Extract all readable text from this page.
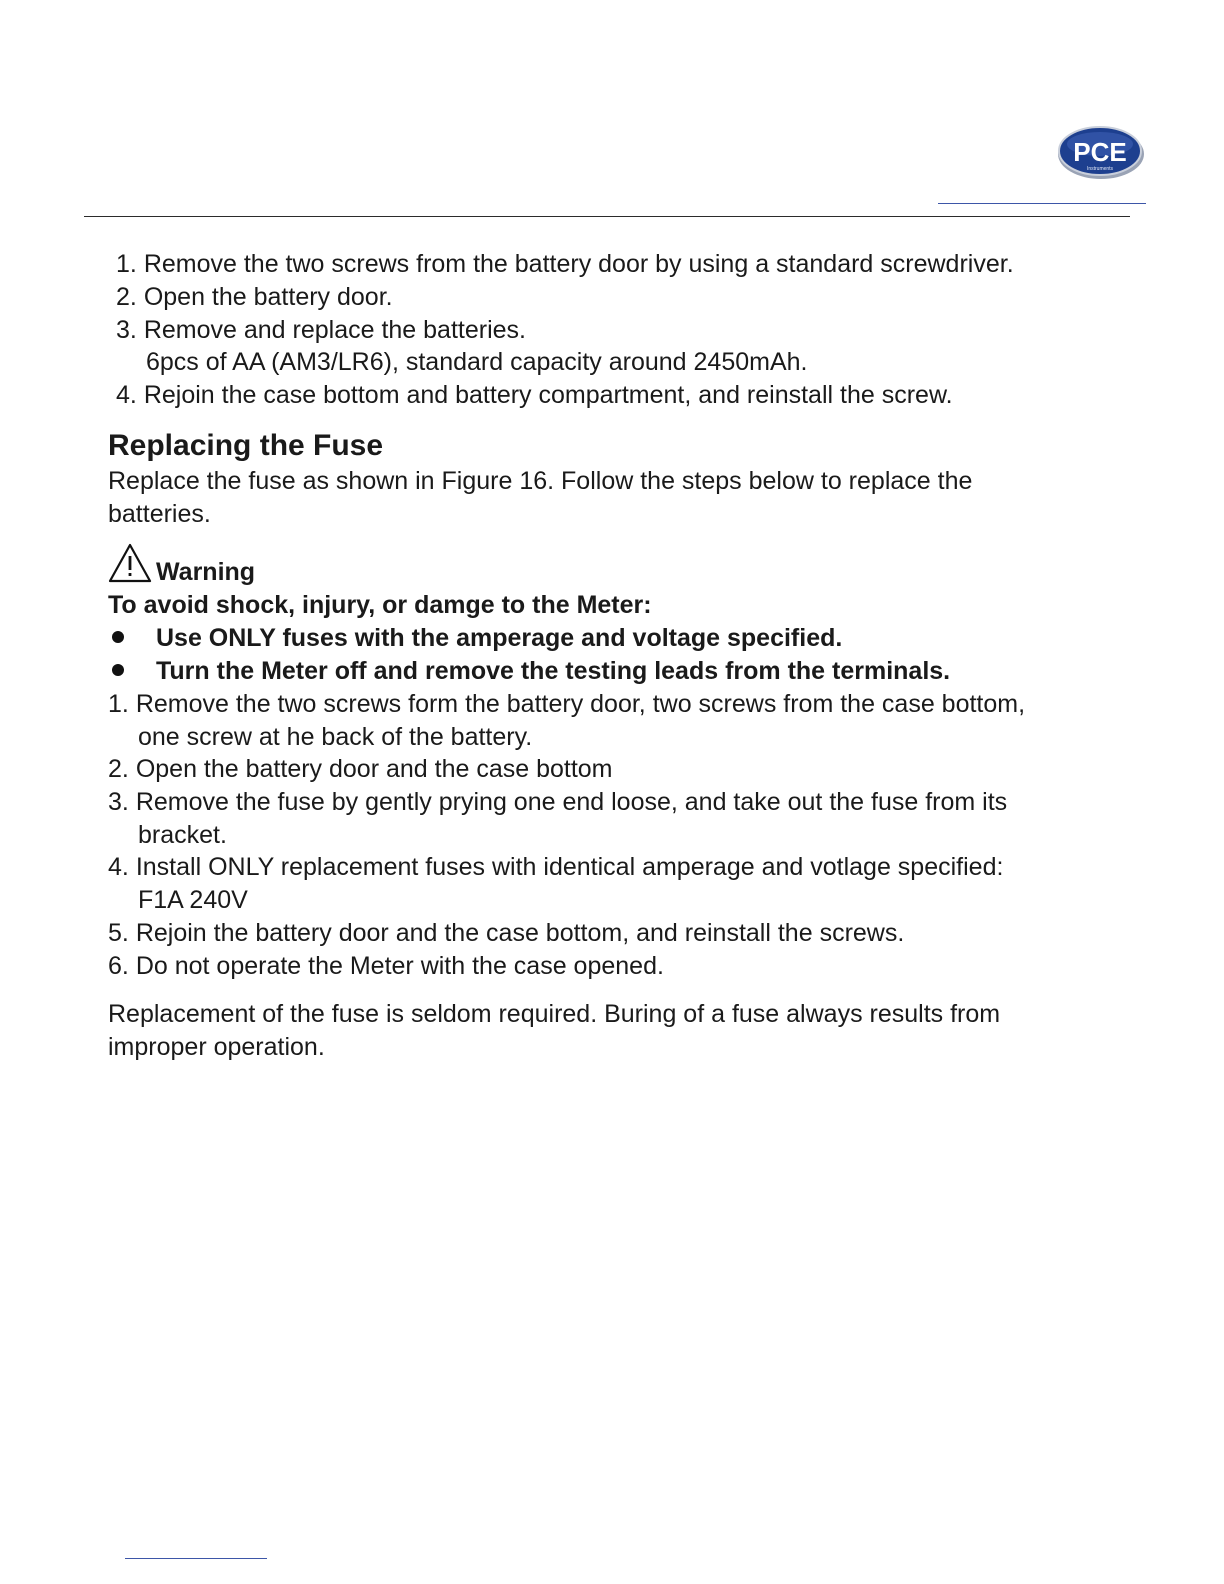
PCE
Instruments
1. Remove the two screws from the battery door by using a standard screwdriver.
2. Open the battery door.
3. Remove and replace the batteries.
6pcs of AA (AM3/LR6), standard capacity around 2450mAh.
4. Rejoin the case bottom and battery compartment, and reinstall the screw.
Replacing the Fuse
Replace the fuse as shown in Figure 16. Follow the steps below to replace the
batteries.
Warning
To avoid shock, injury, or damge to the Meter:
Use ONLY fuses with the amperage and voltage specified.
Turn the Meter off and remove the testing leads from the terminals.
1. Remove the two screws form the battery door, two screws from the case bottom,
one screw at he back of the battery.
2. Open the battery door and the case bottom
3. Remove the fuse by gently prying one end loose, and take out the fuse from its
bracket.
4. Install ONLY replacement fuses with identical amperage and votlage specified:
F1A 240V
5. Rejoin the battery door and the case bottom, and reinstall the screws.
6. Do not operate the Meter with the case opened.
Replacement of the fuse is seldom required. Buring of a fuse always results from
improper operation.
